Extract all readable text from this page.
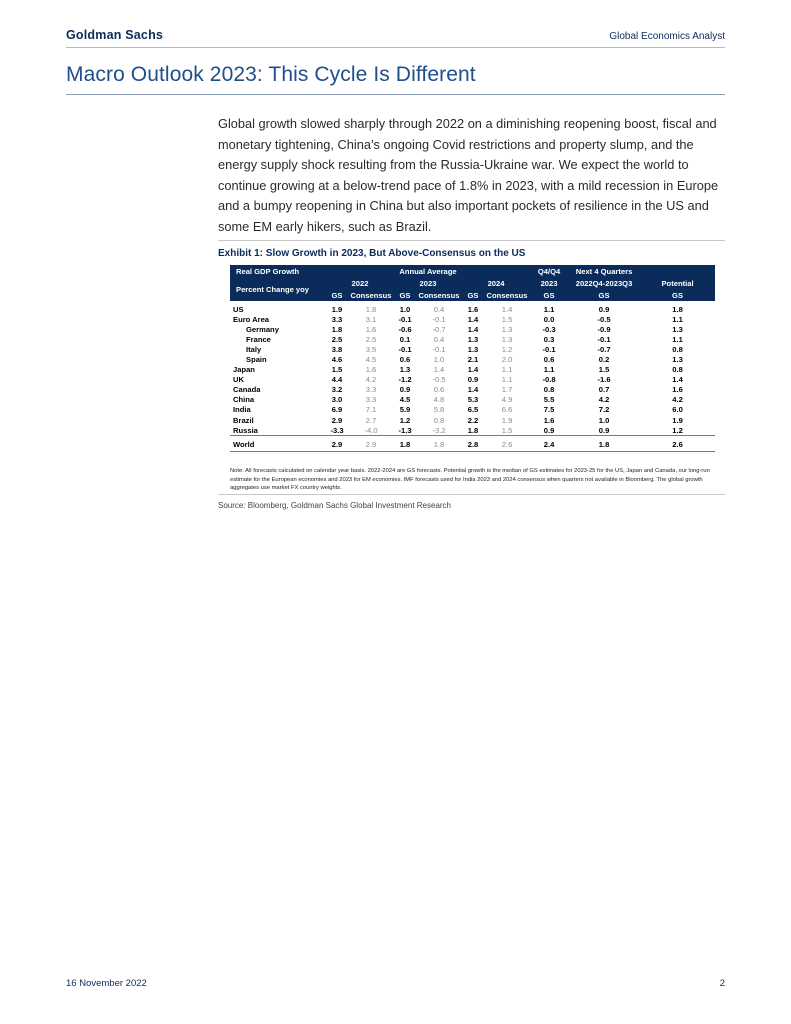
Goldman Sachs	Global Economics Analyst
Macro Outlook 2023: This Cycle Is Different
Global growth slowed sharply through 2022 on a diminishing reopening boost, fiscal and monetary tightening, China’s ongoing Covid restrictions and property slump, and the energy supply shock resulting from the Russia-Ukraine war. We expect the world to continue growing at a below-trend pace of 1.8% in 2023, with a mild recession in Europe and a bumpy reopening in China but also important pockets of resilience in the US and some EM early hikers, such as Brazil.
Exhibit 1: Slow Growth in 2023, But Above-Consensus on the US
Real GDP Growth	Annual Average						Q4/Q4	Next 4 Quarters	
Percent Change yoy	2022		2023		2024		2023	2022Q4-2023Q3	Potential
	GS	Consensus	GS	Consensus	GS	Consensus	GS	GS	GS
US	1.9	1.8	1.0	0.4	1.6	1.4	1.1	0.9	1.8
Euro Area	3.3	3.1	-0.1	-0.1	1.4	1.5	0.0	-0.5	1.1
Germany	1.8	1.6	-0.6	-0.7	1.4	1.3	-0.3	-0.9	1.3
France	2.5	2.5	0.1	0.4	1.3	1.3	0.3	-0.1	1.1
Italy	3.8	3.5	-0.1	-0.1	1.3	1.2	-0.1	-0.7	0.8
Spain	4.6	4.5	0.6	1.0	2.1	2.0	0.6	0.2	1.3
Japan	1.5	1.6	1.3	1.4	1.4	1.1	1.1	1.5	0.8
UK	4.4	4.2	-1.2	-0.5	0.9	1.1	-0.8	-1.6	1.4
Canada	3.2	3.3	0.9	0.6	1.4	1.7	0.8	0.7	1.6
China	3.0	3.3	4.5	4.8	5.3	4.9	5.5	4.2	4.2
India	6.9	7.1	5.9	5.8	6.5	6.6	7.5	7.2	6.0
Brazil	2.9	2.7	1.2	0.8	2.2	1.9	1.6	1.0	1.9
Russia	-3.3	-4.0	-1.3	-3.2	1.8	1.5	0.9	0.9	1.2
World	2.9	2.9	1.8	1.8	2.8	2.6	2.4	1.8	2.6
Note: All forecasts calculated on calendar year basis. 2022-2024 are GS forecasts. Potential growth is the median of GS estimates for 2023-25 for the US, Japan and Canada, our long-run estimate for the European economies and 2023 for EM economies. IMF forecasts used for India 2023 and 2024 consensus when quarters not available in Bloomberg. The global growth aggregates use market FX country weights.
Source: Bloomberg, Goldman Sachs Global Investment Research
16 November 2022	2
